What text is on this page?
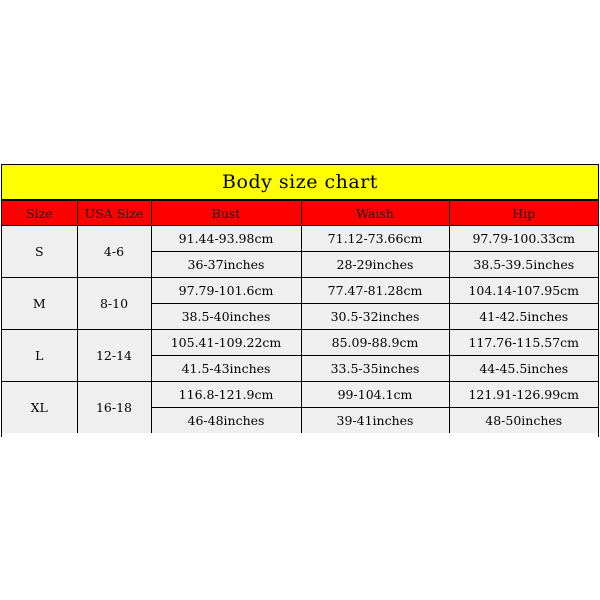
Body size chart
Size	USA Size	Bust	Waish	Hip
S	4-6	91.44-93.98cm	71.12-73.66cm	97.79-100.33cm
		36-37inches	28-29inches	38.5-39.5inches
M	8-10	97.79-101.6cm	77.47-81.28cm	104.14-107.95cm
		38.5-40inches	30.5-32inches	41-42.5inches
L	12-14	105.41-109.22cm	85.09-88.9cm	117.76-115.57cm
		41.5-43inches	33.5-35inches	44-45.5inches
XL	16-18	116.8-121.9cm	99-104.1cm	121.91-126.99cm
		46-48inches	39-41inches	48-50inches
